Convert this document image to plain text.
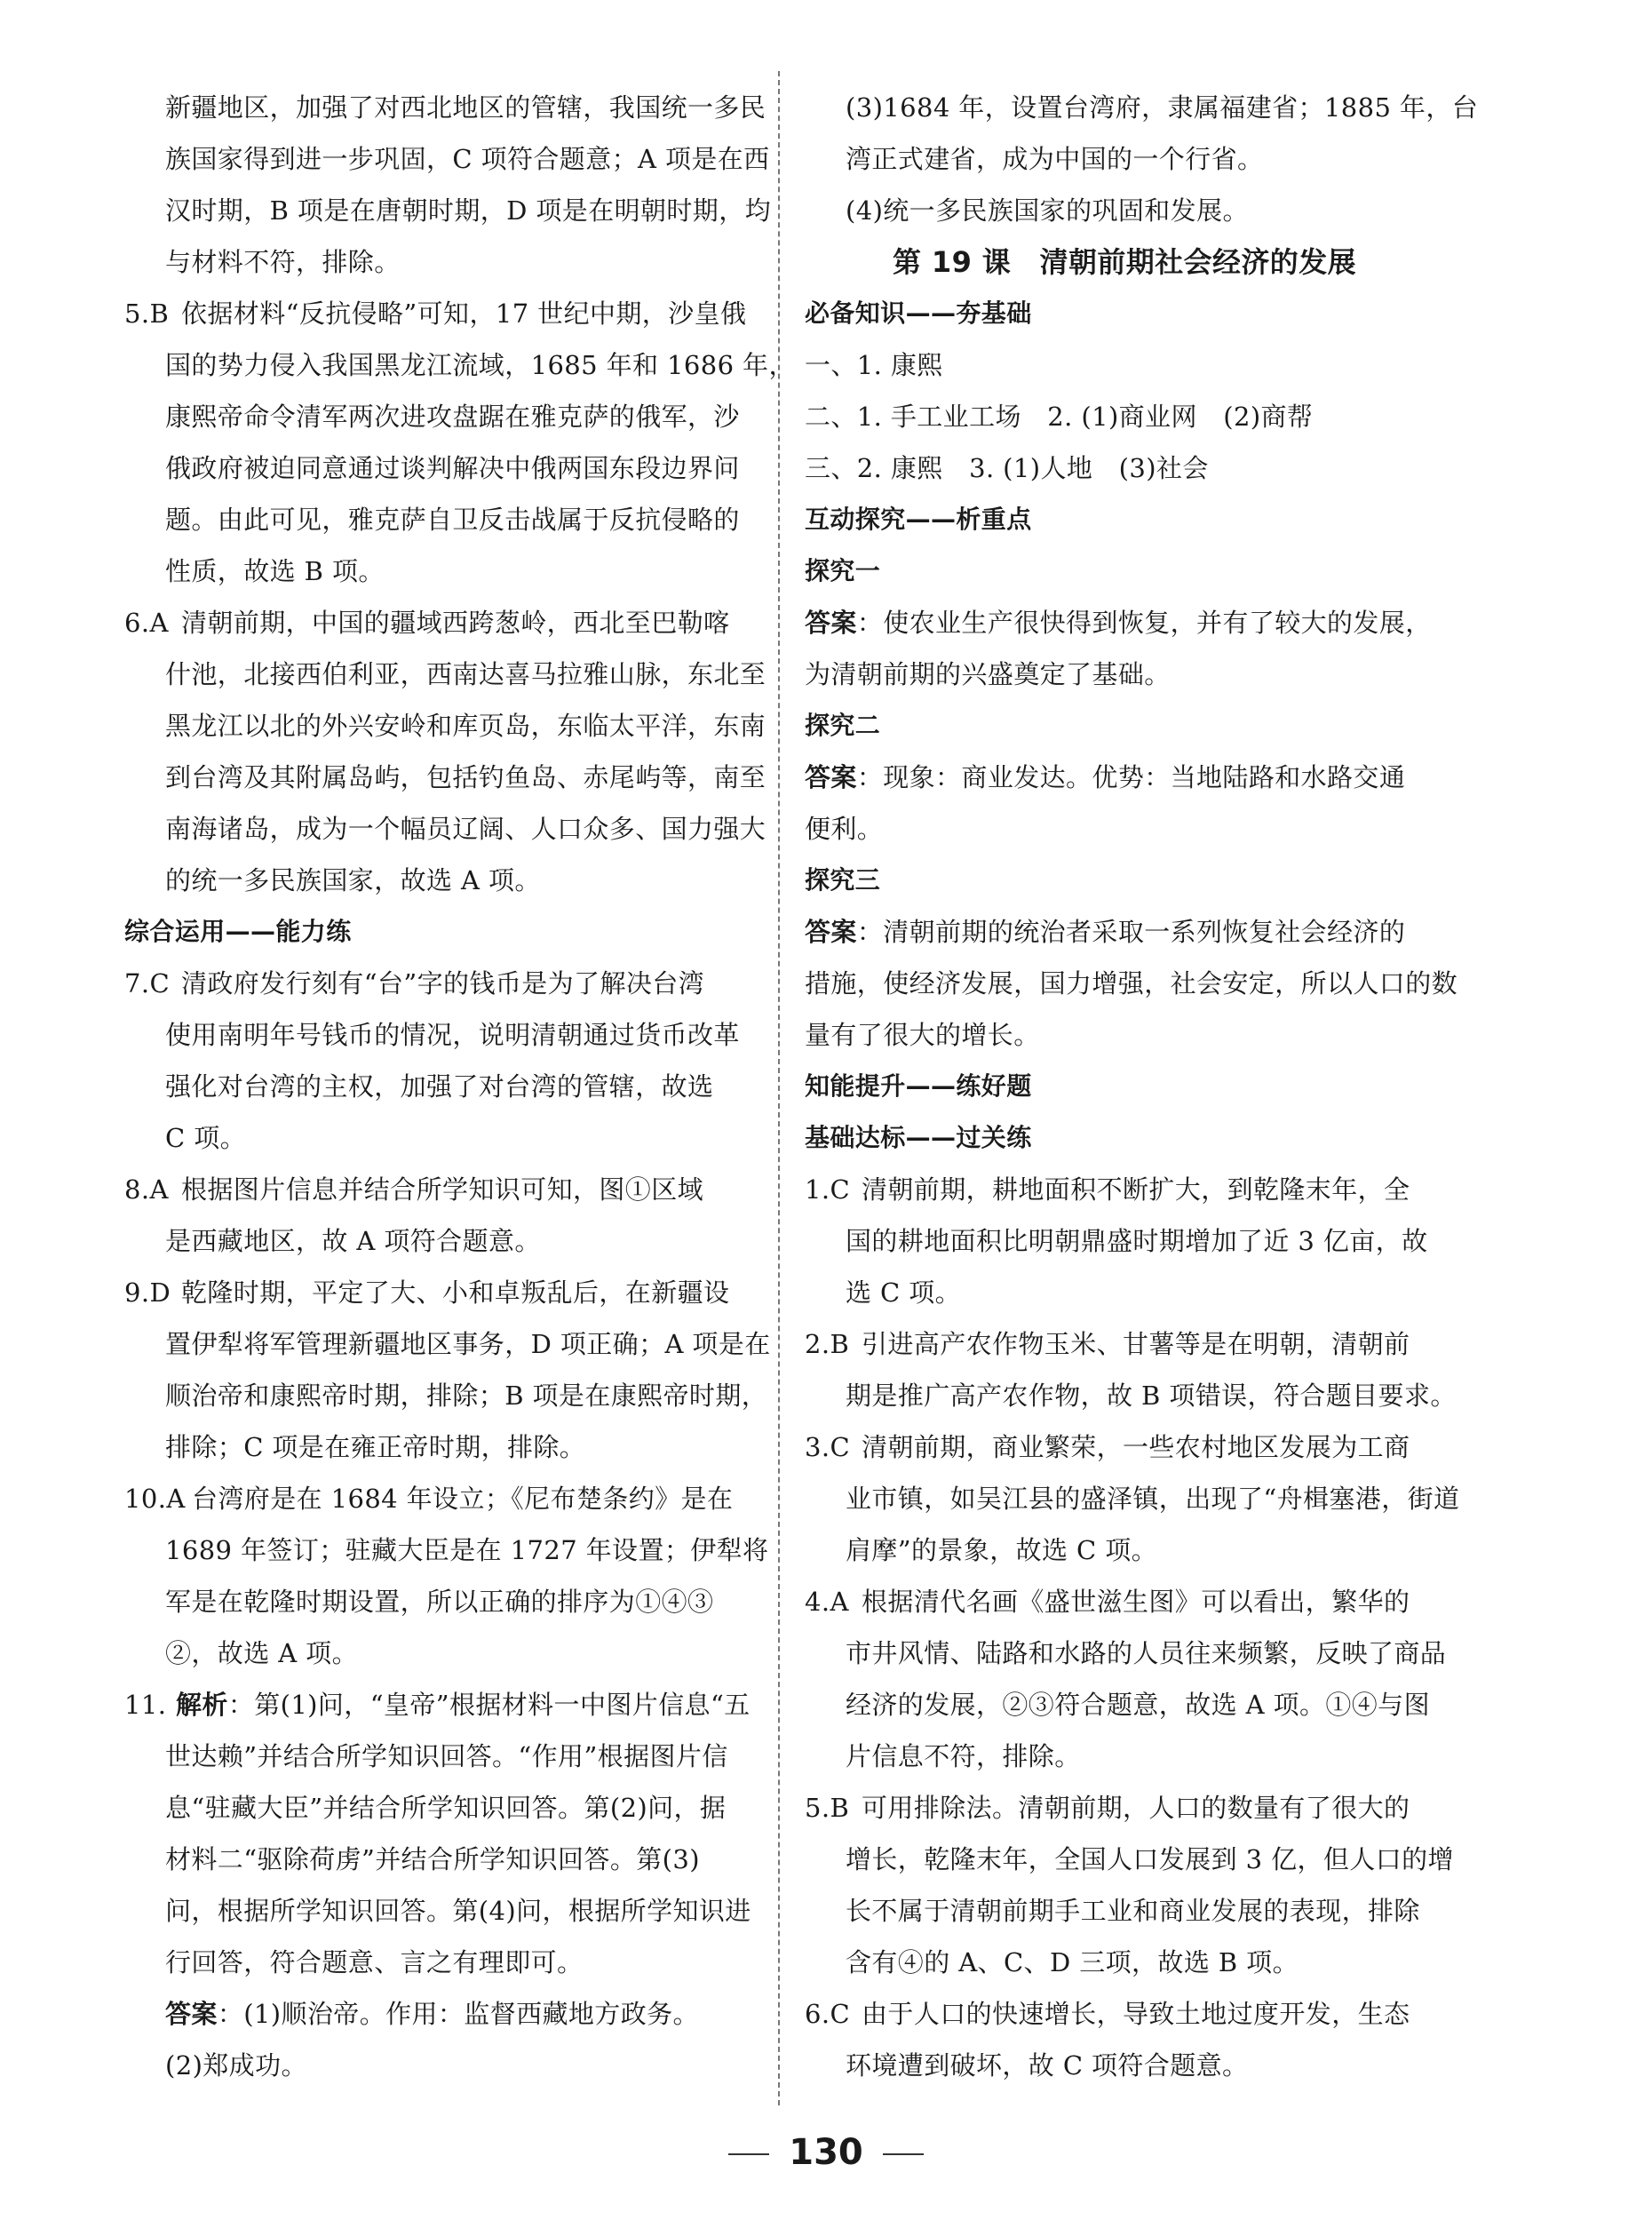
新疆地区，加强了对西北地区的管辖，我国统一多民
族国家得到进一步巩固，C 项符合题意；A 项是在西
汉时期，B 项是在唐朝时期，D 项是在明朝时期，均
与材料不符，排除。
5.B 依据材料“反抗侵略”可知，17 世纪中期，沙皇俄
国的势力侵入我国黑龙江流域，1685 年和 1686 年，
康熙帝命令清军两次进攻盘踞在雅克萨的俄军，沙
俄政府被迫同意通过谈判解决中俄两国东段边界问
题。由此可见，雅克萨自卫反击战属于反抗侵略的
性质，故选 B 项。
6.A 清朝前期，中国的疆域西跨葱岭，西北至巴勒喀
什池，北接西伯利亚，西南达喜马拉雅山脉，东北至
黑龙江以北的外兴安岭和库页岛，东临太平洋，东南
到台湾及其附属岛屿，包括钓鱼岛、赤尾屿等，南至
南海诸岛，成为一个幅员辽阔、人口众多、国力强大
的统一多民族国家，故选 A 项。
综合运用——能力练
7.C 清政府发行刻有“台”字的钱币是为了解决台湾
使用南明年号钱币的情况，说明清朝通过货币改革
强化对台湾的主权，加强了对台湾的管辖，故选
C 项。
8.A 根据图片信息并结合所学知识可知，图①区域
是西藏地区，故 A 项符合题意。
9.D 乾隆时期，平定了大、小和卓叛乱后，在新疆设
置伊犁将军管理新疆地区事务，D 项正确；A 项是在
顺治帝和康熙帝时期，排除；B 项是在康熙帝时期，
排除；C 项是在雍正帝时期，排除。
10.A 台湾府是在 1684 年设立；《尼布楚条约》是在
1689 年签订；驻藏大臣是在 1727 年设置；伊犁将
军是在乾隆时期设置，所以正确的排序为①④③
②，故选 A 项。
11. 解析：第(1)问，“皇帝”根据材料一中图片信息“五
世达赖”并结合所学知识回答。“作用”根据图片信
息“驻藏大臣”并结合所学知识回答。第(2)问，据
材料二“驱除荷虏”并结合所学知识回答。第(3)
问，根据所学知识回答。第(4)问，根据所学知识进
行回答，符合题意、言之有理即可。
答案：(1)顺治帝。作用：监督西藏地方政务。
(2)郑成功。
(3)1684 年，设置台湾府，隶属福建省；1885 年，台
湾正式建省，成为中国的一个行省。
(4)统一多民族国家的巩固和发展。
第 19 课　清朝前期社会经济的发展
必备知识——夯基础
一、1. 康熙
二、1. 手工业工场　2. (1)商业网　(2)商帮
三、2. 康熙　3. (1)人地　(3)社会
互动探究——析重点
探究一
答案：使农业生产很快得到恢复，并有了较大的发展，
为清朝前期的兴盛奠定了基础。
探究二
答案：现象：商业发达。优势：当地陆路和水路交通
便利。
探究三
答案：清朝前期的统治者采取一系列恢复社会经济的
措施，使经济发展，国力增强，社会安定，所以人口的数
量有了很大的增长。
知能提升——练好题
基础达标——过关练
1.C 清朝前期，耕地面积不断扩大，到乾隆末年，全
国的耕地面积比明朝鼎盛时期增加了近 3 亿亩，故
选 C 项。
2.B 引进高产农作物玉米、甘薯等是在明朝，清朝前
期是推广高产农作物，故 B 项错误，符合题目要求。
3.C 清朝前期，商业繁荣，一些农村地区发展为工商
业市镇，如吴江县的盛泽镇，出现了“舟楫塞港，街道
肩摩”的景象，故选 C 项。
4.A 根据清代名画《盛世滋生图》可以看出，繁华的
市井风情、陆路和水路的人员往来频繁，反映了商品
经济的发展，②③符合题意，故选 A 项。①④与图
片信息不符，排除。
5.B 可用排除法。清朝前期，人口的数量有了很大的
增长，乾隆末年，全国人口发展到 3 亿，但人口的增
长不属于清朝前期手工业和商业发展的表现，排除
含有④的 A、C、D 三项，故选 B 项。
6.C 由于人口的快速增长，导致土地过度开发，生态
环境遭到破坏，故 C 项符合题意。
130
